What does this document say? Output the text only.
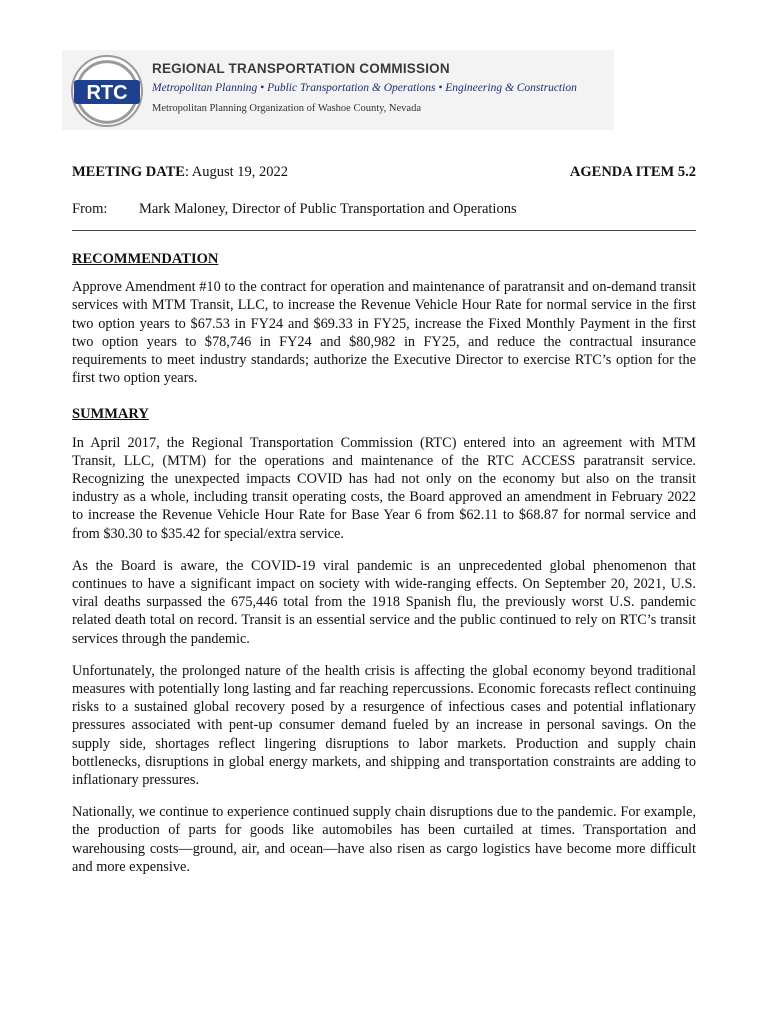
RTC
REGIONAL TRANSPORTATION COMMISSION
Metropolitan Planning • Public Transportation & Operations • Engineering & Construction
Metropolitan Planning Organization of Washoe County, Nevada
MEETING DATE: August 19, 2022	AGENDA ITEM 5.2
From: Mark Maloney, Director of Public Transportation and Operations
RECOMMENDATION

Approve Amendment #10 to the contract for operation and maintenance of paratransit and on-demand transit services with MTM Transit, LLC, to increase the Revenue Vehicle Hour Rate for normal service in the first two option years to $67.53 in FY24 and $69.33 in FY25, increase the Fixed Monthly Payment in the first two option years to $78,746 in FY24 and $80,982 in FY25, and reduce the contractual insurance requirements to meet industry standards; authorize the Executive Director to exercise RTC’s option for the first two option years.

SUMMARY

In April 2017, the Regional Transportation Commission (RTC) entered into an agreement with MTM Transit, LLC, (MTM) for the operations and maintenance of the RTC ACCESS paratransit service. Recognizing the unexpected impacts COVID has had not only on the economy but also on the transit industry as a whole, including transit operating costs, the Board approved an amendment in February 2022 to increase the Revenue Vehicle Hour Rate for Base Year 6 from $62.11 to $68.87 for normal service and from $30.30 to $35.42 for special/extra service.

As the Board is aware, the COVID-19 viral pandemic is an unprecedented global phenomenon that continues to have a significant impact on society with wide-ranging effects. On September 20, 2021, U.S. viral deaths surpassed the 675,446 total from the 1918 Spanish flu, the previously worst U.S. pandemic related death total on record. Transit is an essential service and the public continued to rely on RTC’s transit services through the pandemic.

Unfortunately, the prolonged nature of the health crisis is affecting the global economy beyond traditional measures with potentially long lasting and far reaching repercussions. Economic forecasts reflect continuing risks to a sustained global recovery posed by a resurgence of infectious cases and potential inflationary pressures associated with pent-up consumer demand fueled by an increase in personal savings. On the supply side, shortages reflect lingering disruptions to labor markets. Production and supply chain bottlenecks, disruptions in global energy markets, and shipping and transportation constraints are adding to inflationary pressures.

Nationally, we continue to experience continued supply chain disruptions due to the pandemic. For example, the production of parts for goods like automobiles has been curtailed at times. Transportation and warehousing costs—ground, air, and ocean—have also risen as cargo logistics have become more difficult and more expensive.
